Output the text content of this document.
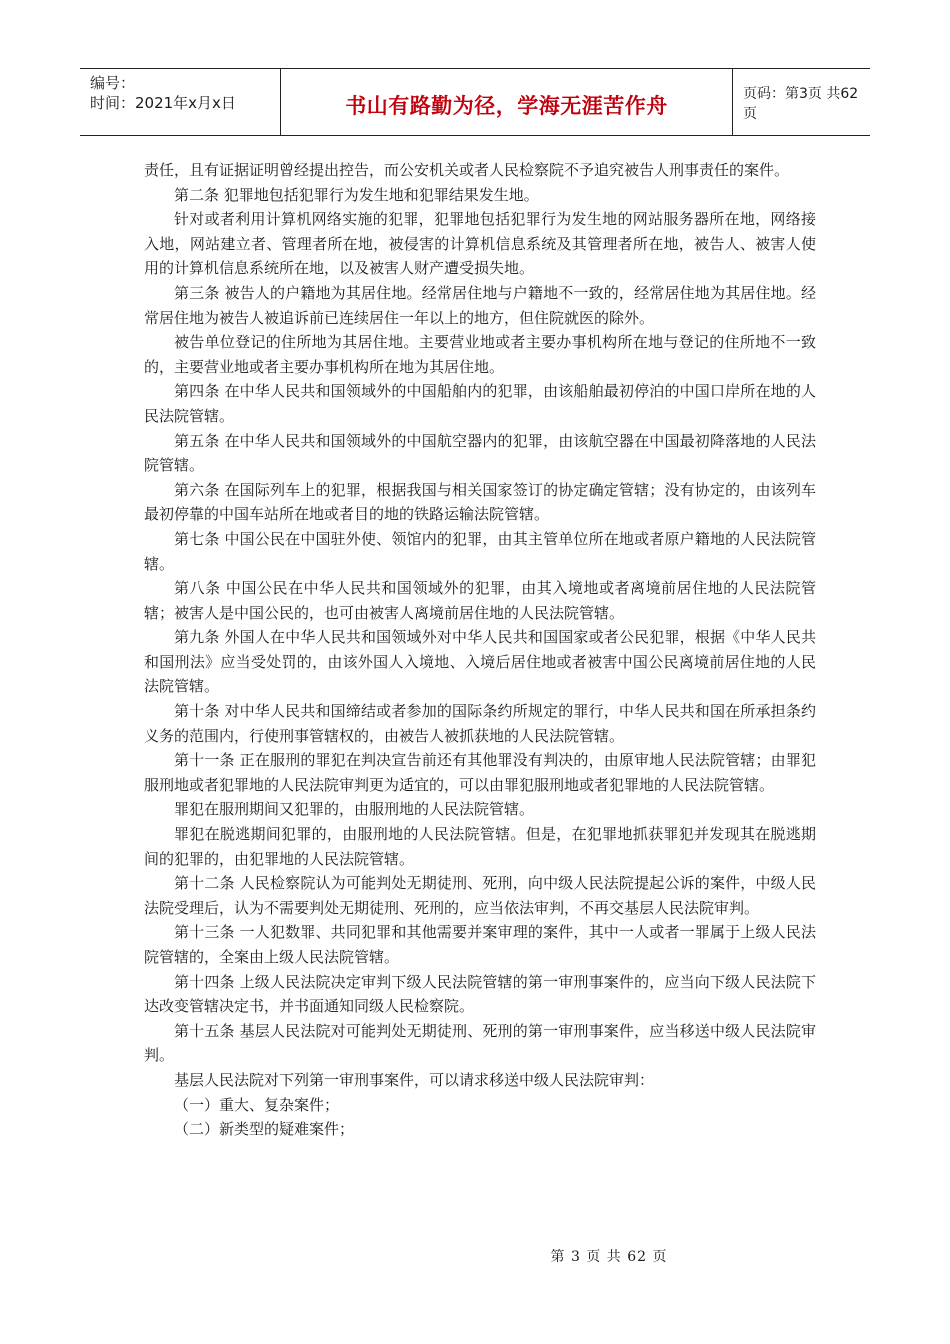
编号：
时间：2021年x月x日	书山有路勤为径，学海无涯苦作舟	页码：第3页 共62页

责任，且有证据证明曾经提出控告，而公安机关或者人民检察院不予追究被告人刑事责任的案件。

第二条 犯罪地包括犯罪行为发生地和犯罪结果发生地。

针对或者利用计算机网络实施的犯罪，犯罪地包括犯罪行为发生地的网站服务器所在地，网络接入地，网站建立者、管理者所在地，被侵害的计算机信息系统及其管理者所在地，被告人、被害人使用的计算机信息系统所在地，以及被害人财产遭受损失地。

第三条 被告人的户籍地为其居住地。经常居住地与户籍地不一致的，经常居住地为其居住地。经常居住地为被告人被追诉前已连续居住一年以上的地方，但住院就医的除外。

被告单位登记的住所地为其居住地。主要营业地或者主要办事机构所在地与登记的住所地不一致的，主要营业地或者主要办事机构所在地为其居住地。

第四条 在中华人民共和国领域外的中国船舶内的犯罪，由该船舶最初停泊的中国口岸所在地的人民法院管辖。

第五条 在中华人民共和国领域外的中国航空器内的犯罪，由该航空器在中国最初降落地的人民法院管辖。

第六条 在国际列车上的犯罪，根据我国与相关国家签订的协定确定管辖；没有协定的，由该列车最初停靠的中国车站所在地或者目的地的铁路运输法院管辖。

第七条 中国公民在中国驻外使、领馆内的犯罪，由其主管单位所在地或者原户籍地的人民法院管辖。

第八条 中国公民在中华人民共和国领域外的犯罪，由其入境地或者离境前居住地的人民法院管辖；被害人是中国公民的，也可由被害人离境前居住地的人民法院管辖。

第九条 外国人在中华人民共和国领域外对中华人民共和国国家或者公民犯罪，根据《中华人民共和国刑法》应当受处罚的，由该外国人入境地、入境后居住地或者被害中国公民离境前居住地的人民法院管辖。

第十条 对中华人民共和国缔结或者参加的国际条约所规定的罪行，中华人民共和国在所承担条约义务的范围内，行使刑事管辖权的，由被告人被抓获地的人民法院管辖。

第十一条 正在服刑的罪犯在判决宣告前还有其他罪没有判决的，由原审地人民法院管辖；由罪犯服刑地或者犯罪地的人民法院审判更为适宜的，可以由罪犯服刑地或者犯罪地的人民法院管辖。

罪犯在服刑期间又犯罪的，由服刑地的人民法院管辖。

罪犯在脱逃期间犯罪的，由服刑地的人民法院管辖。但是，在犯罪地抓获罪犯并发现其在脱逃期间的犯罪的，由犯罪地的人民法院管辖。

第十二条 人民检察院认为可能判处无期徒刑、死刑，向中级人民法院提起公诉的案件，中级人民法院受理后，认为不需要判处无期徒刑、死刑的，应当依法审判，不再交基层人民法院审判。

第十三条 一人犯数罪、共同犯罪和其他需要并案审理的案件，其中一人或者一罪属于上级人民法院管辖的，全案由上级人民法院管辖。

第十四条 上级人民法院决定审判下级人民法院管辖的第一审刑事案件的，应当向下级人民法院下达改变管辖决定书，并书面通知同级人民检察院。

第十五条 基层人民法院对可能判处无期徒刑、死刑的第一审刑事案件，应当移送中级人民法院审判。

基层人民法院对下列第一审刑事案件，可以请求移送中级人民法院审判：

（一）重大、复杂案件；

（二）新类型的疑难案件；

第 3 页 共 62 页
